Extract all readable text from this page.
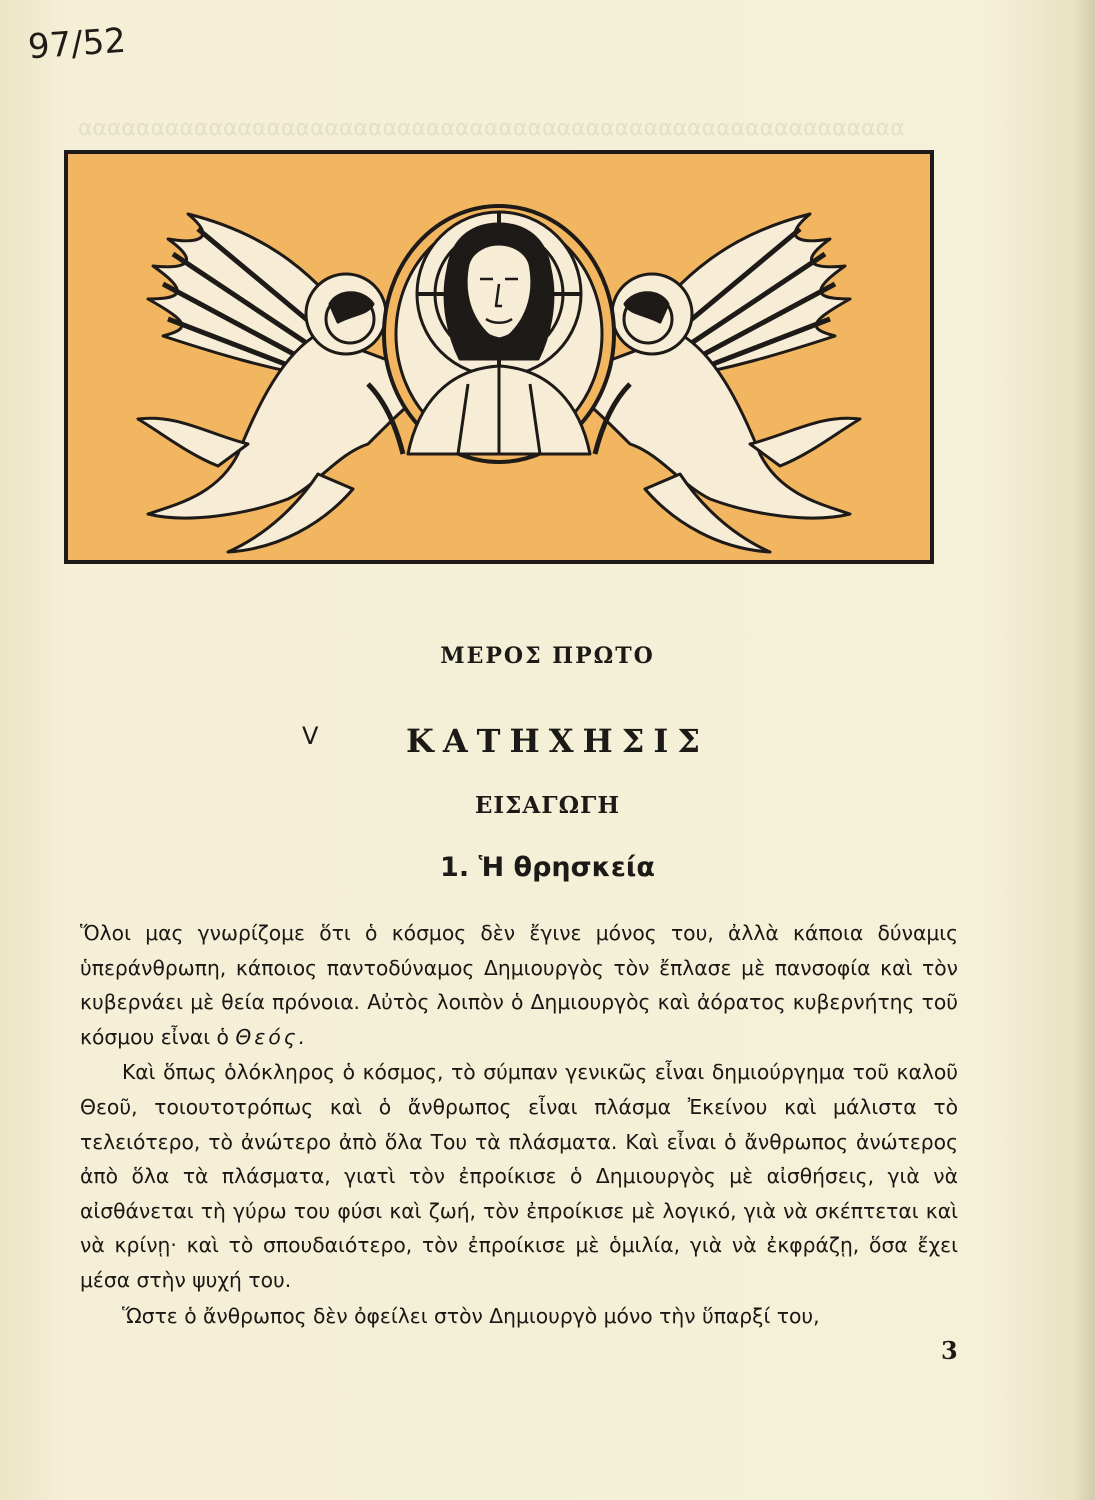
97/52
ααααααααααααααααααααααααααααααααααααααααααααααααααααααααα
ΜΕΡΟΣ ΠΡΩΤΟ
V	ΚΑΤΗΧΗΣΙΣ
ΕΙΣΑΓΩΓΗ
1. Ἡ θρησκεία

Ὅλοι μας γνωρίζομε ὅτι ὁ κόσμος δὲν ἔγινε μόνος του, ἀλλὰ κάποια δύναμις ὑπεράνθρωπη, κάποιος παντοδύναμος Δημιουργὸς τὸν ἔπλασε μὲ πανσοφία καὶ τὸν κυβερνάει μὲ θεία πρόνοια. Αὐτὸς λοιπὸν ὁ Δημιουργὸς καὶ ἀόρατος κυβερνήτης τοῦ κόσμου εἶναι ὁ Θεός.

Καὶ ὅπως ὁλόκληρος ὁ κόσμος, τὸ σύμπαν γενικῶς εἶναι δημιούργημα τοῦ καλοῦ Θεοῦ, τοιουτοτρόπως καὶ ὁ ἄνθρωπος εἶναι πλάσμα Ἐκείνου καὶ μάλιστα τὸ τελειότερο, τὸ ἀνώτερο ἀπὸ ὅλα Του τὰ πλάσματα. Καὶ εἶναι ὁ ἄνθρωπος ἀνώτερος ἀπὸ ὅλα τὰ πλάσματα, γιατὶ τὸν ἐπροίκισε ὁ Δημιουργὸς μὲ αἰσθήσεις, γιὰ νὰ αἰσθάνεται τὴ γύρω του φύσι καὶ ζωή, τὸν ἐπροίκισε μὲ λογικό, γιὰ νὰ σκέπτεται καὶ νὰ κρίνῃ· καὶ τὸ σπουδαιότερο, τὸν ἐπροίκισε μὲ ὁμιλία, γιὰ νὰ ἐκφράζῃ, ὅσα ἔχει μέσα στὴν ψυχή του.

Ὥστε ὁ ἄνθρωπος δὲν ὀφείλει στὸν Δημιουργὸ μόνο τὴν ὕπαρξί του,

3
